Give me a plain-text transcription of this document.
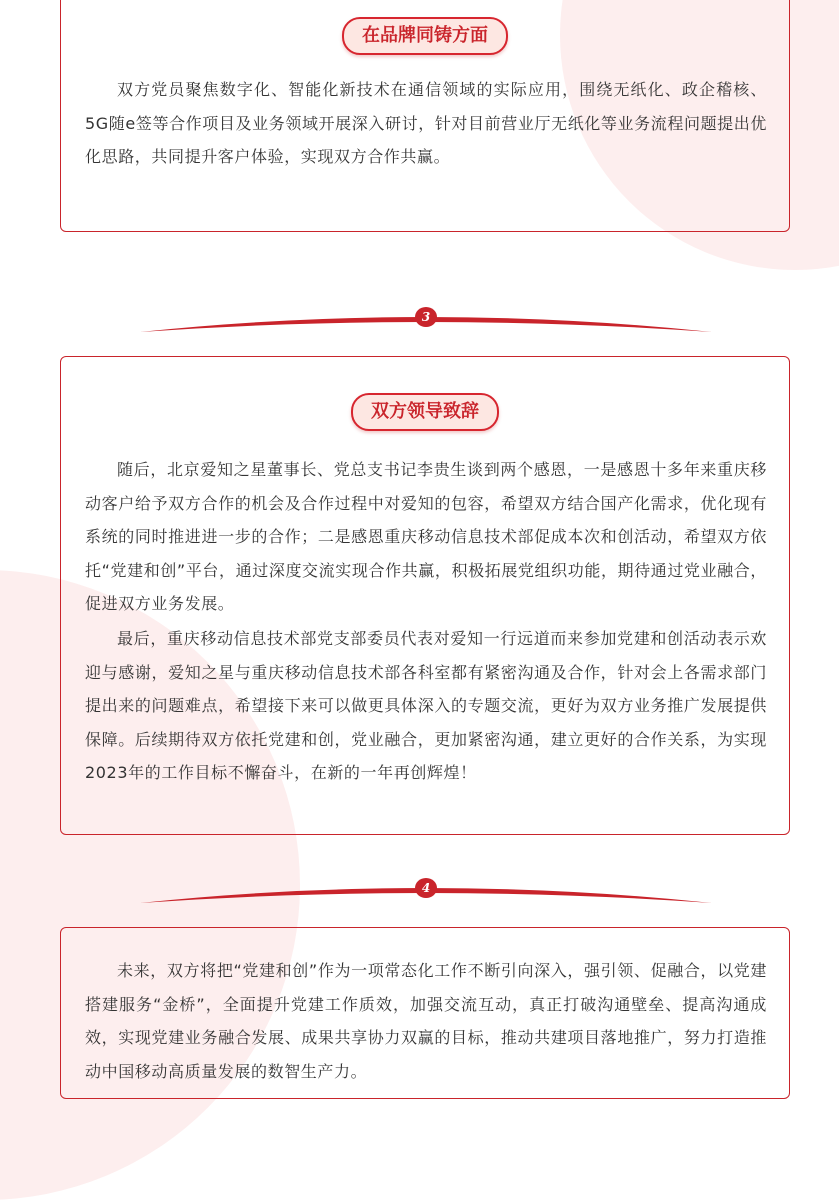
在品牌同铸方面

双方党员聚焦数字化、智能化新技术在通信领域的实际应用，围绕无纸化、政企稽核、5G随e签等合作项目及业务领域开展深入研讨，针对目前营业厅无纸化等业务流程问题提出优化思路，共同提升客户体验，实现双方合作共赢。

3
双方领导致辞

随后，北京爱知之星董事长、党总支书记李贵生谈到两个感恩，一是感恩十多年来重庆移动客户给予双方合作的机会及合作过程中对爱知的包容，希望双方结合国产化需求，优化现有系统的同时推进进一步的合作；二是感恩重庆移动信息技术部促成本次和创活动，希望双方依托“党建和创”平台，通过深度交流实现合作共赢，积极拓展党组织功能，期待通过党业融合，促进双方业务发展。

最后，重庆移动信息技术部党支部委员代表对爱知一行远道而来参加党建和创活动表示欢迎与感谢，爱知之星与重庆移动信息技术部各科室都有紧密沟通及合作，针对会上各需求部门提出来的问题难点，希望接下来可以做更具体深入的专题交流，更好为双方业务推广发展提供保障。后续期待双方依托党建和创，党业融合，更加紧密沟通，建立更好的合作关系，为实现2023年的工作目标不懈奋斗，在新的一年再创辉煌！

4

未来，双方将把“党建和创”作为一项常态化工作不断引向深入，强引领、促融合，以党建搭建服务“金桥”，全面提升党建工作质效，加强交流互动，真正打破沟通壁垒、提高沟通成效，实现党建业务融合发展、成果共享协力双赢的目标，推动共建项目落地推广，努力打造推动中国移动高质量发展的数智生产力。
